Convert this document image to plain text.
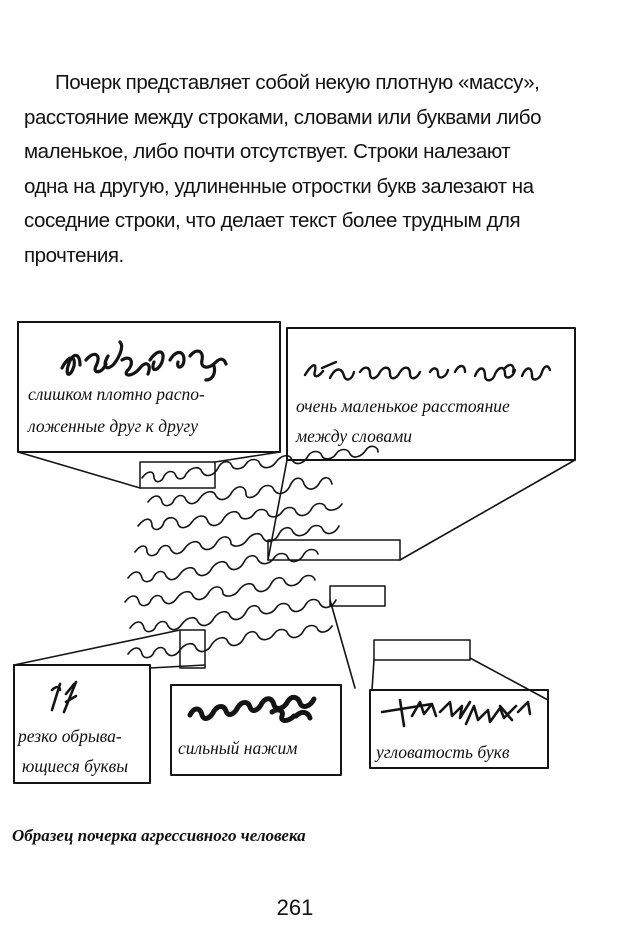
Почерк представляет собой некую плотную «массу»,
расстояние между строками, словами или буквами либо
маленькое, либо почти отсутствует. Строки налезают
одна на другую, удлиненные отростки букв залезают на
соседние строки, что делает текст более трудным для
прочтения.
слишком плотно распо-
ложенные друг к другу
очень маленькое расстояние
между словами
резко обрыва-
ющиеся буквы
сильный нажим	угловатость букв
Образец почерка агрессивного человека
261
